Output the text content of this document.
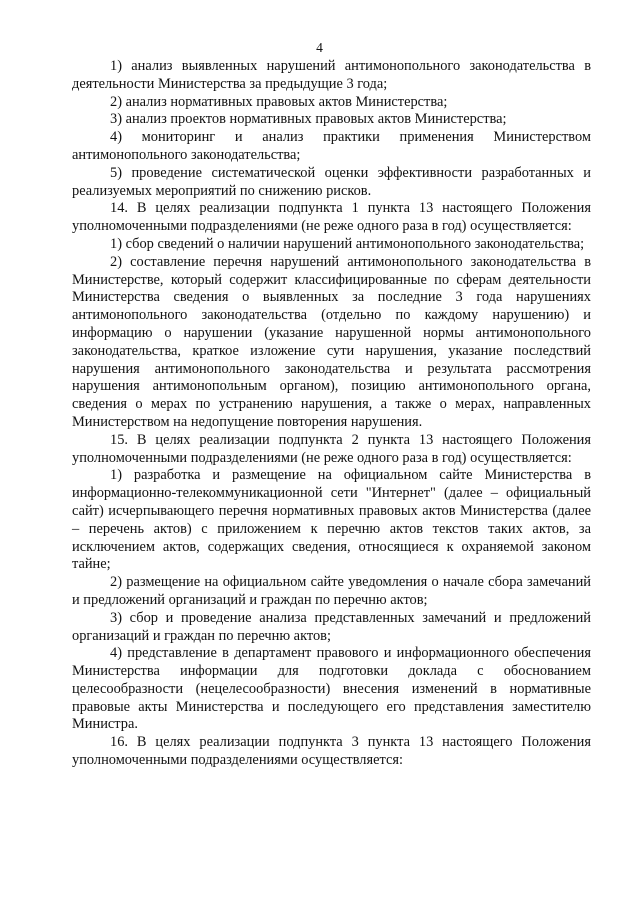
4

1) анализ выявленных нарушений антимонопольного законодательства в деятельности Министерства за предыдущие 3 года;

2) анализ нормативных правовых актов Министерства;

3) анализ проектов нормативных правовых актов Министерства;

4) мониторинг и анализ практики применения Министерством антимонопольного законодательства;

5) проведение систематической оценки эффективности разработанных и реализуемых мероприятий по снижению рисков.

14. В целях реализации подпункта 1 пункта 13 настоящего Положения уполномоченными подразделениями (не реже одного раза в год) осуществляется:

1) сбор сведений о наличии нарушений антимонопольного законодательства;

2) составление перечня нарушений антимонопольного законодательства в Министерстве, который содержит классифицированные по сферам деятельности Министерства сведения о выявленных за последние 3 года нарушениях антимонопольного законодательства (отдельно по каждому нарушению) и информацию о нарушении (указание нарушенной нормы антимонопольного законодательства, краткое изложение сути нарушения, указание последствий нарушения антимонопольного законодательства и результата рассмотрения нарушения антимонопольным органом), позицию антимонопольного органа, сведения о мерах по устранению нарушения, а также о мерах, направленных Министерством на недопущение повторения нарушения.

15. В целях реализации подпункта 2 пункта 13 настоящего Положения уполномоченными подразделениями (не реже одного раза в год) осуществляется:

1) разработка и размещение на официальном сайте Министерства в информационно-телекоммуникационной сети "Интернет" (далее – официальный сайт) исчерпывающего перечня нормативных правовых актов Министерства (далее – перечень актов) с приложением к перечню актов текстов таких актов, за исключением актов, содержащих сведения, относящиеся к охраняемой законом тайне;

2) размещение на официальном сайте уведомления о начале сбора замечаний и предложений организаций и граждан по перечню актов;

3) сбор и проведение анализа представленных замечаний и предложений организаций и граждан по перечню актов;

4) представление в департамент правового и информационного обеспечения Министерства информации для подготовки доклада с обоснованием целесообразности (нецелесообразности) внесения изменений в нормативные правовые акты Министерства и последующего его представления заместителю Министра.

16. В целях реализации подпункта 3 пункта 13 настоящего Положения уполномоченными подразделениями осуществляется:
